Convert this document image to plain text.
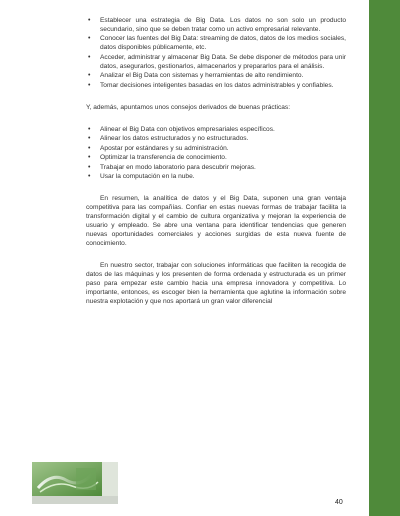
• Establecer una estrategia de Big Data. Los datos no son solo un producto secundario, sino que se deben tratar como un activo empresarial relevante.
• Conocer las fuentes del Big Data: streaming de datos, datos de los medios sociales, datos disponibles públicamente, etc.
• Acceder, administrar y almacenar Big Data. Se debe disponer de métodos para unir datos, asegurarlos, gestionarlos, almacenarlos y prepararlos para el análisis.
• Analizar el Big Data con sistemas y herramientas de alto rendimiento.
• Tomar decisiones inteligentes basadas en los datos administrables y confiables.

Y, además, apuntamos unos consejos derivados de buenas prácticas:

• Alinear el Big Data con objetivos empresariales específicos.
• Alinear los datos estructurados y no estructurados.
• Apostar por estándares y su administración.
• Optimizar la transferencia de conocimiento.
• Trabajar en modo laboratorio para descubrir mejoras.
• Usar la computación en la nube.

En resumen, la analítica de datos y el Big Data, suponen una gran ventaja competitiva para las compañías. Confiar en estas nuevas formas de trabajar facilita la transformación digital y el cambio de cultura organizativa y mejoran la experiencia de usuario y empleado. Se abre una ventana para identificar tendencias que generen nuevas oportunidades comerciales y acciones surgidas de esta nueva fuente de conocimiento.

En nuestro sector, trabajar con soluciones informáticas que faciliten la recogida de datos de las máquinas y los presenten de forma ordenada y estructurada es un primer paso para empezar este cambio hacia una empresa innovadora y competitiva. Lo importante, entonces, es escoger bien la herramienta que aglutine la información sobre nuestra explotación y que nos aportará un gran valor diferencial

40
